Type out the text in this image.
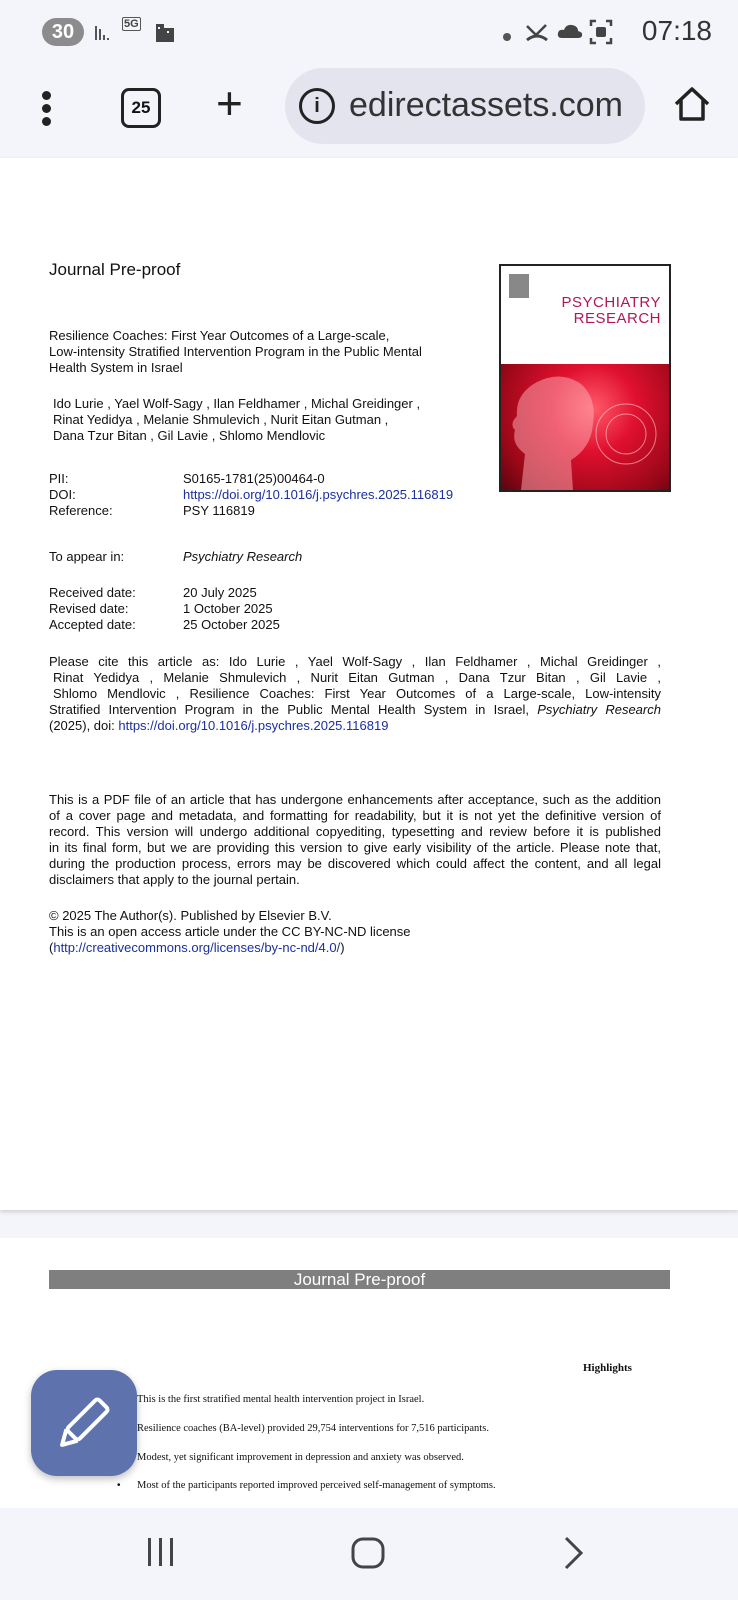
30	5G	07:18
25 +	i edirectassets.com
Journal Pre-proof
PSYCHIATRY
RESEARCH
Resilience Coaches: First Year Outcomes of a Large-scale,
Low-intensity Stratified Intervention Program in the Public Mental
Health System in Israel
Ido Lurie , Yael Wolf-Sagy , Ilan Feldhamer , Michal Greidinger ,
Rinat Yedidya , Melanie Shmulevich , Nurit Eitan Gutman ,
Dana Tzur Bitan , Gil Lavie , Shlomo Mendlovic
PII:	S0165-1781(25)00464-0
DOI:	https://doi.org/10.1016/j.psychres.2025.116819
Reference:	PSY 116819
To appear in:	Psychiatry Research
Received date:	20 July 2025
Revised date:	1 October 2025
Accepted date:	25 October 2025
Please cite this article as: Ido Lurie , Yael Wolf-Sagy , Ilan Feldhamer , Michal Greidinger ,
Rinat Yedidya , Melanie Shmulevich , Nurit Eitan Gutman , Dana Tzur Bitan , Gil Lavie ,
Shlomo Mendlovic , Resilience Coaches: First Year Outcomes of a Large-scale, Low-intensity
Stratified Intervention Program in the Public Mental Health System in Israel, Psychiatry Research
(2025), doi: https://doi.org/10.1016/j.psychres.2025.116819
This is a PDF file of an article that has undergone enhancements after acceptance, such as the addition
of a cover page and metadata, and formatting for readability, but it is not yet the definitive version of
record. This version will undergo additional copyediting, typesetting and review before it is published
in its final form, but we are providing this version to give early visibility of the article. Please note that,
during the production process, errors may be discovered which could affect the content, and all legal
disclaimers that apply to the journal pertain.
© 2025 The Author(s). Published by Elsevier B.V.
This is an open access article under the CC BY-NC-ND license
(http://creativecommons.org/licenses/by-nc-nd/4.0/)
Journal Pre-proof
Highlights
This is the first stratified mental health intervention project in Israel.
Resilience coaches (BA-level) provided 29,754 interventions for 7,516 participants.
Modest, yet significant improvement in depression and anxiety was observed.
• Most of the participants reported improved perceived self-management of symptoms.
